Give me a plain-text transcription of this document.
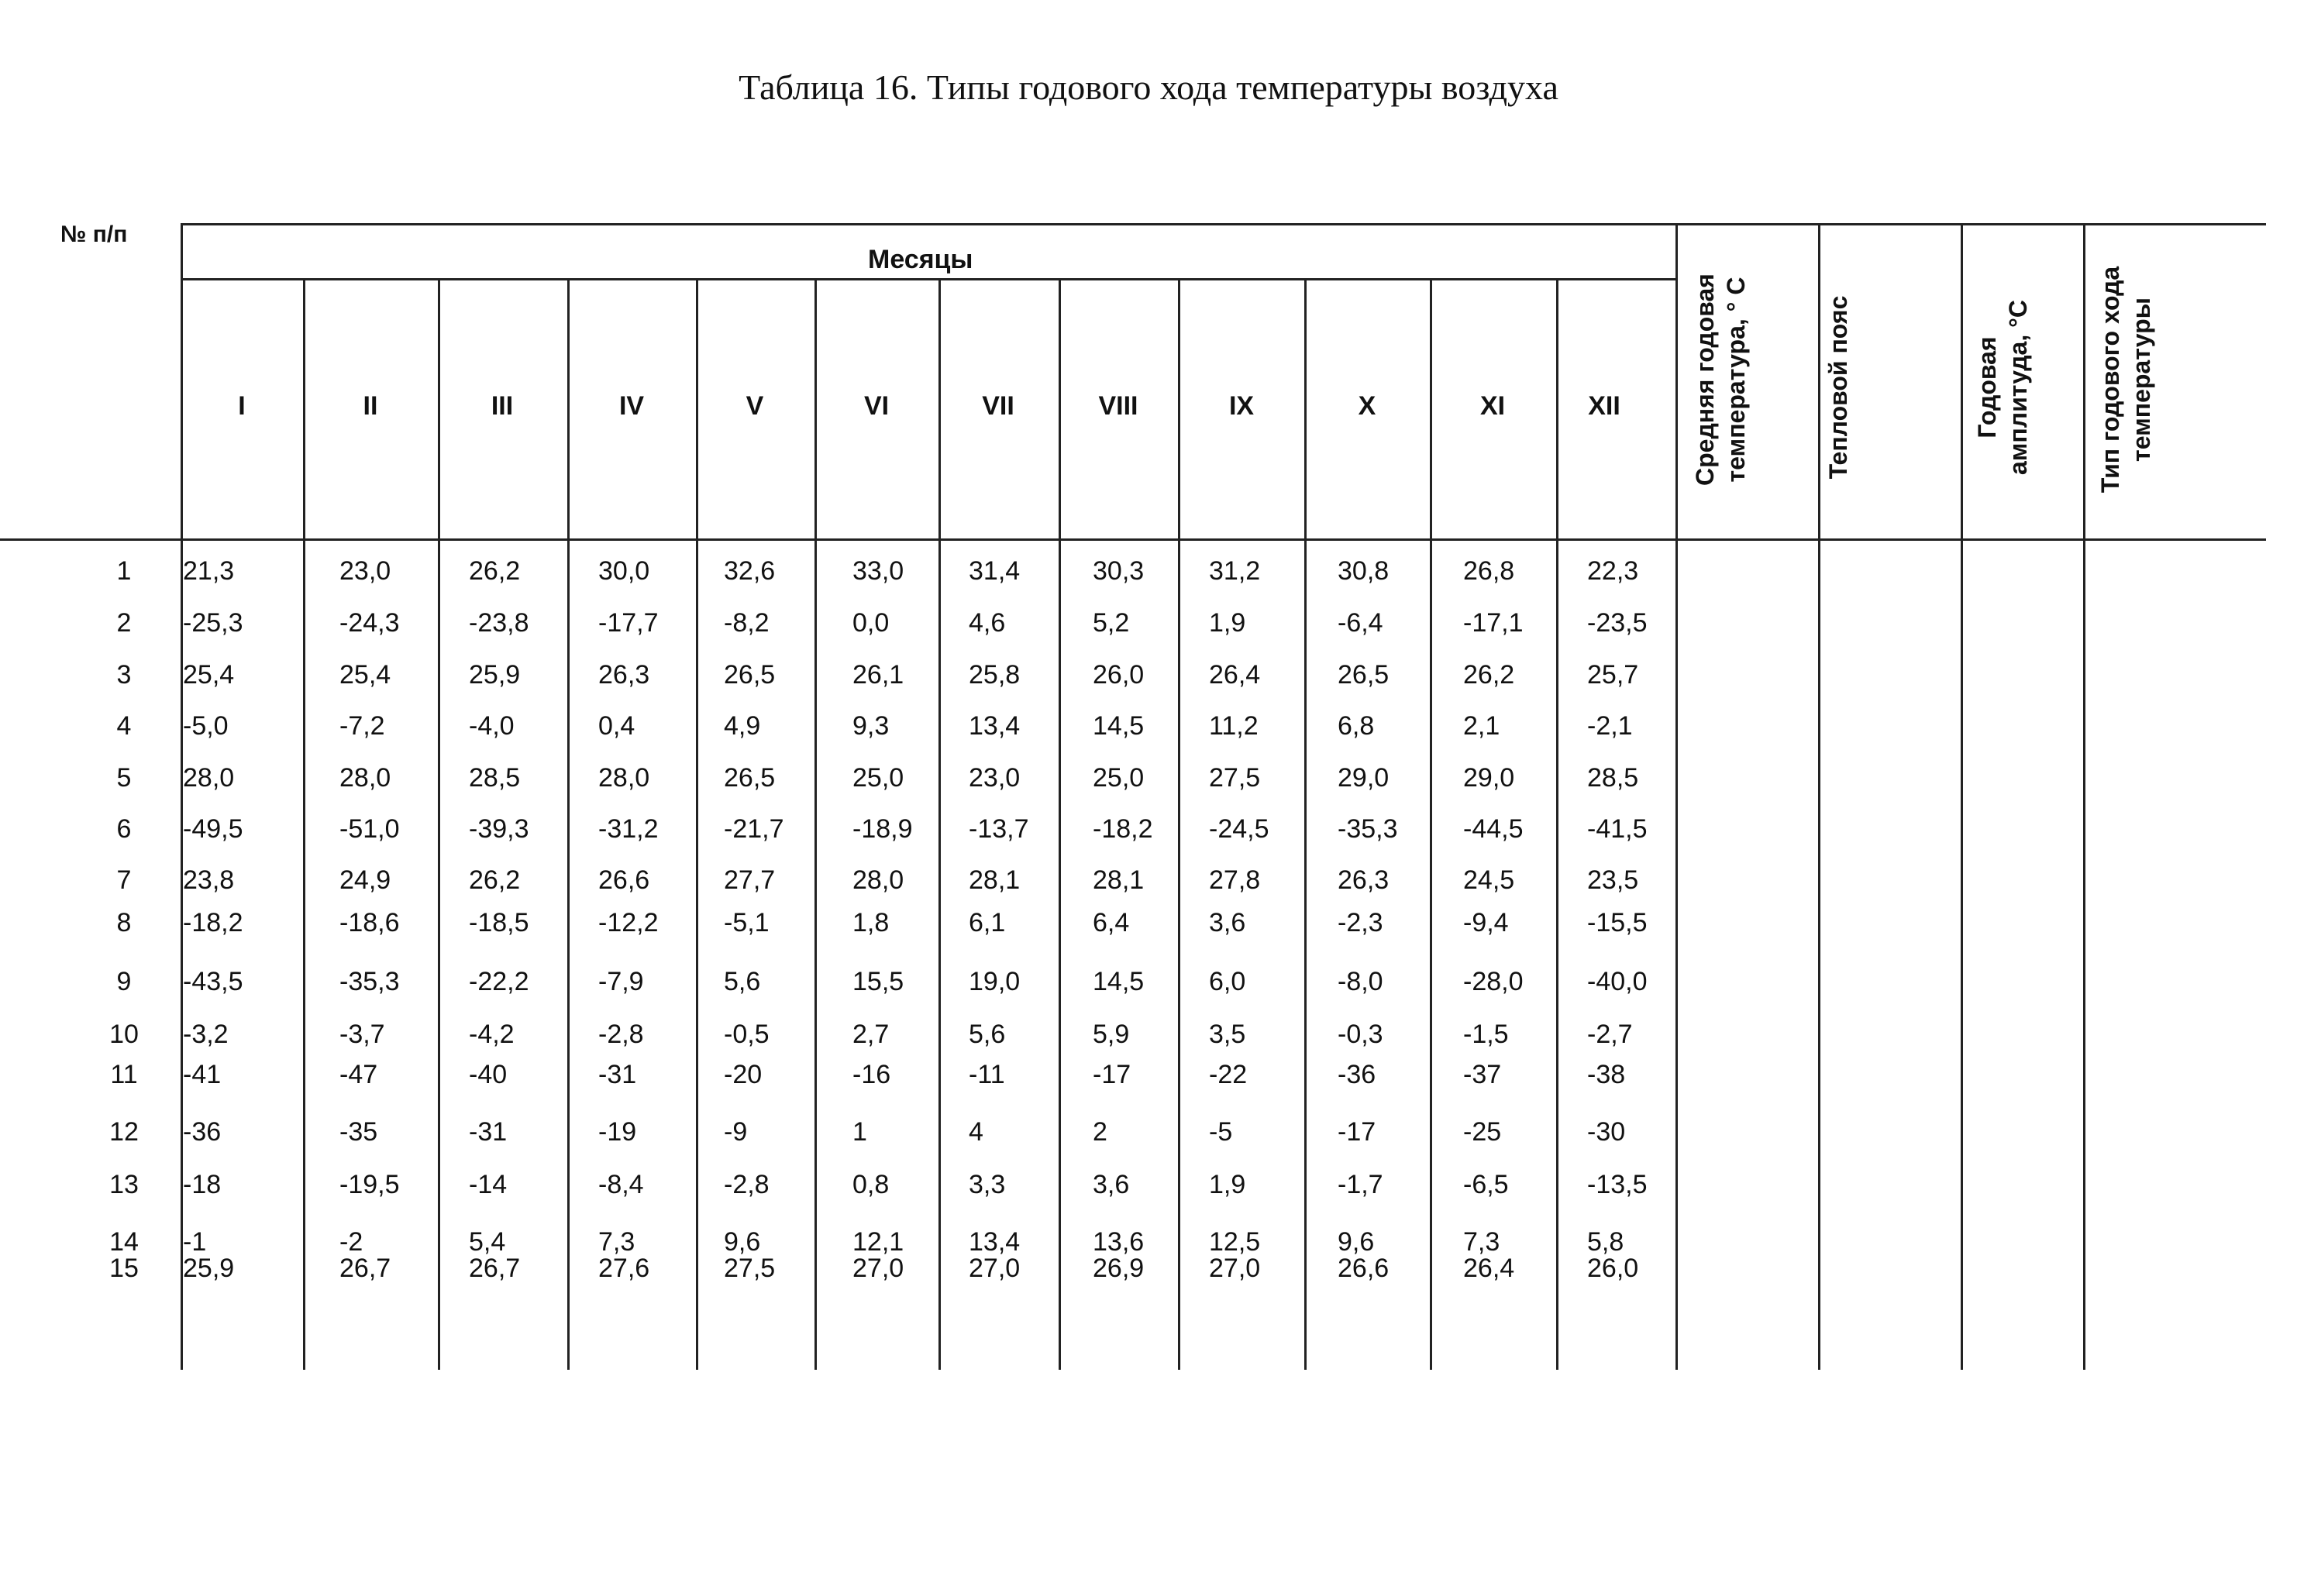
Таблица 16. Типы годового хода температуры воздуха
№ п/п
Месяцы
I	II	III	IV	V	VI	VII	VIII	IX	X	XI	XII	Средняя годовая температура, ° С	Тепловой пояс	Годовая амплитуда, °С	Тип годового хода температуры
1 21,3	23,0	26,2	30,0	32,6	33,0 31,4	30,3 31,2	30,8	26,8	22,3
2 -25,3	-24,3	-23,8	-17,7 -8,2	0,0	4,6	5,2	1,9	-6,4	-17,1 -23,5
3 25,4	25,4	25,9	26,3	26,5	26,1 25,8	26,0 26,4	26,5	26,2	25,7
4 -5,0	-7,2	-4,0	0,4	4,9	9,3	13,4	14,5 11,2	6,8	2,1	-2,1
5 28,0	28,0	28,5	28,0	26,5	25,0 23,0	25,0 27,5	29,0	29,0	28,5
6 -49,5	-51,0	-39,3	-31,2 -21,7	-18,9 -13,7 -18,2 -24,5	-35,3 -44,5 -41,5
7 23,8	24,9	26,2	26,6	27,7	28,0 28,1	28,1 27,8	26,3	24,5	23,5
8 -18,2	-18,6	-18,5	-12,2 -5,1	1,8	6,1	6,4	3,6	-2,3	-9,4	-15,5
9 -43,5	-35,3	-22,2	-7,9	5,6	15,5 19,0	14,5 6,0	-8,0	-28,0 -40,0
10 -3,2	-3,7	-4,2	-2,8	-0,5	2,7	5,6	5,9	3,5	-0,3	-1,5	-2,7
11 -41	-47	-40	-31	-20	-16	-11	-17	-22	-36	-37	-38
12 -36	-35	-31	-19	-9	1	4	2	-5	-17	-25	-30
13 -18	-19,5	-14	-8,4	-2,8	0,8	3,3	3,6	1,9	-1,7	-6,5	-13,5
14 -1	-2	5,4	7,3	9,6	12,1 13,4	13,6 12,5	9,6	7,3	5,8
15 25,9	26,7	26,7	27,6	27,5	27,0 27,0	26,9 27,0	26,6	26,4	26,0
